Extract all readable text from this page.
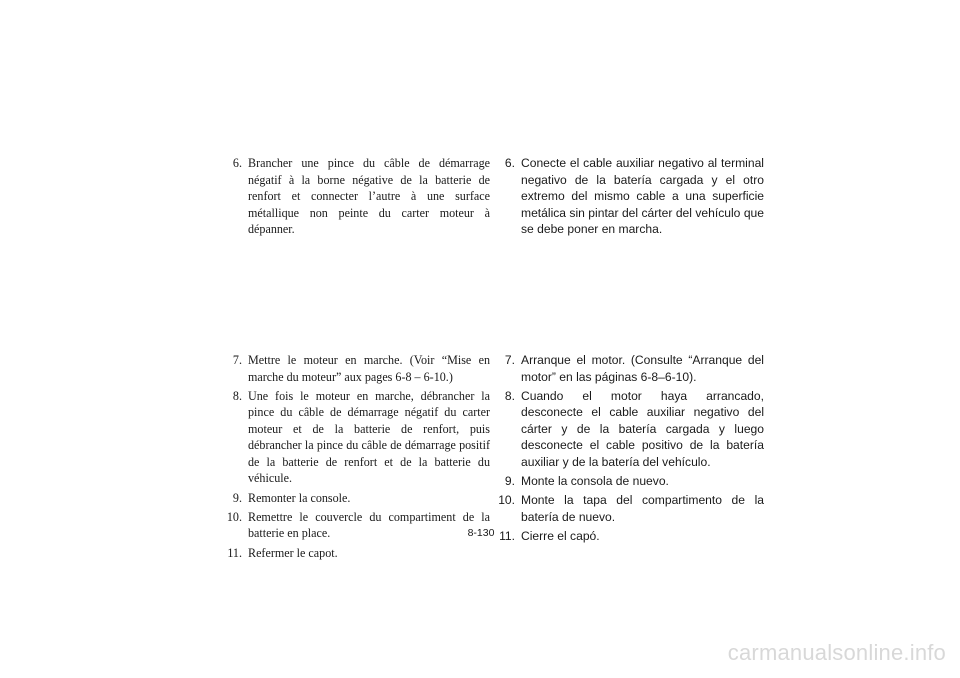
6. Brancher une pince du câble de démarrage négatif à la borne négative de la batterie de renfort et connecter l’autre à une surface métallique non peinte du carter moteur à dépanner.
6. Conecte el cable auxiliar negativo al terminal negativo de la batería cargada y el otro extremo del mismo cable a una superficie metálica sin pintar del cárter del vehículo que se debe poner en marcha.
7. Mettre le moteur en marche. (Voir “Mise en marche du moteur” aux pages 6-8 – 6-10.)
8. Une fois le moteur en marche, débrancher la pince du câble de démarrage négatif du carter moteur et de la batterie de renfort, puis débrancher la pince du câble de démarrage positif de la batterie de renfort et de la batterie du véhicule.
9. Remonter la console.
10. Remettre le couvercle du compartiment de la batterie en place.
11. Refermer le capot.
7. Arranque el motor. (Consulte “Arranque del motor” en las páginas 6-8–6-10).
8. Cuando el motor haya arrancado, desconecte el cable auxiliar negativo del cárter y de la batería cargada y luego desconecte el cable positivo de la batería auxiliar y de la batería del vehículo.
9. Monte la consola de nuevo.
10. Monte la tapa del compartimento de la batería de nuevo.
11. Cierre el capó.
8-130
carmanualsonline.info
